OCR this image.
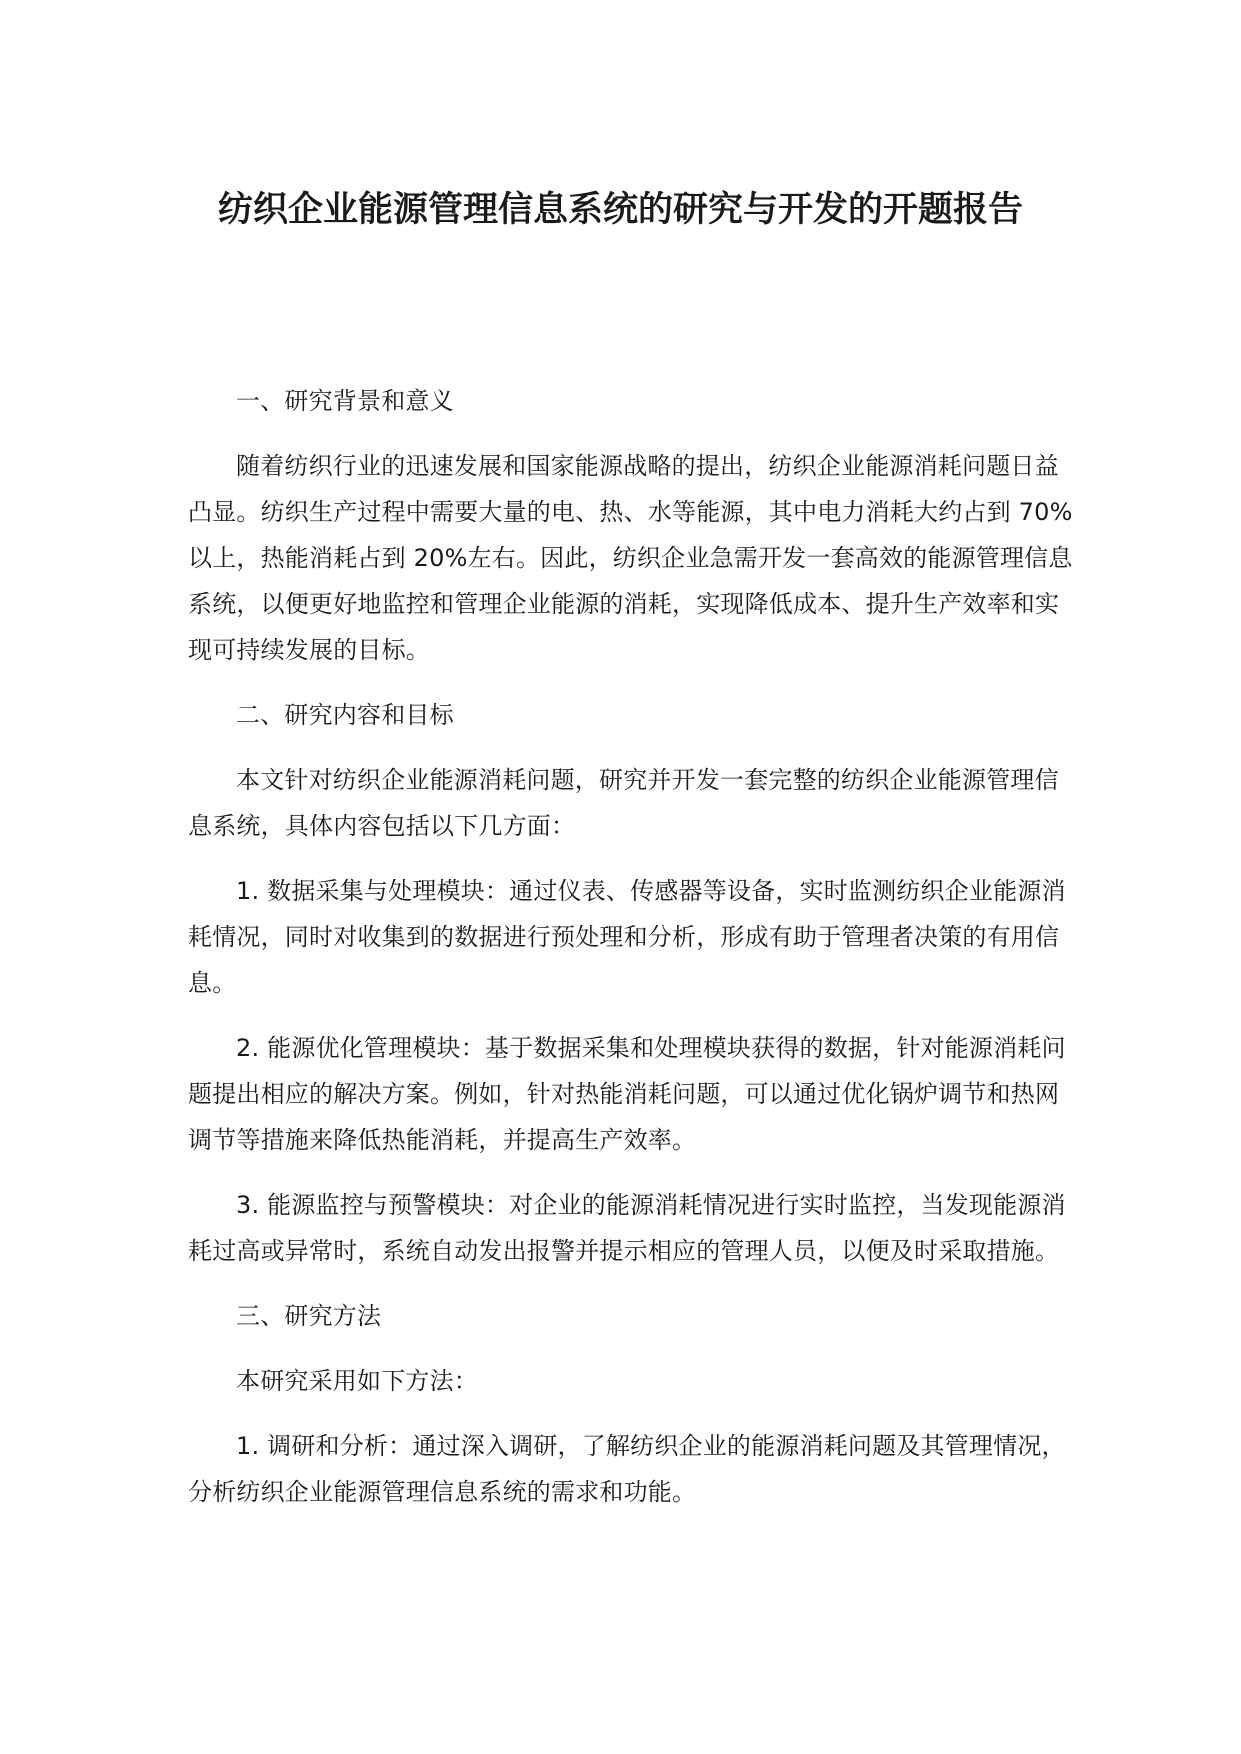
纺织企业能源管理信息系统的研究与开发的开题报告

一、研究背景和意义

随着纺织行业的迅速发展和国家能源战略的提出，纺织企业能源消耗问题日益凸显。纺织生产过程中需要大量的电、热、水等能源，其中电力消耗大约占到 70%以上，热能消耗占到 20%左右。因此，纺织企业急需开发一套高效的能源管理信息系统，以便更好地监控和管理企业能源的消耗，实现降低成本、提升生产效率和实现可持续发展的目标。

二、研究内容和目标

本文针对纺织企业能源消耗问题，研究并开发一套完整的纺织企业能源管理信息系统，具体内容包括以下几方面：

1. 数据采集与处理模块：通过仪表、传感器等设备，实时监测纺织企业能源消耗情况，同时对收集到的数据进行预处理和分析，形成有助于管理者决策的有用信息。

2. 能源优化管理模块：基于数据采集和处理模块获得的数据，针对能源消耗问题提出相应的解决方案。例如，针对热能消耗问题，可以通过优化锅炉调节和热网调节等措施来降低热能消耗，并提高生产效率。

3. 能源监控与预警模块：对企业的能源消耗情况进行实时监控，当发现能源消耗过高或异常时，系统自动发出报警并提示相应的管理人员，以便及时采取措施。

三、研究方法

本研究采用如下方法：

1. 调研和分析：通过深入调研，了解纺织企业的能源消耗问题及其管理情况，分析纺织企业能源管理信息系统的需求和功能。
